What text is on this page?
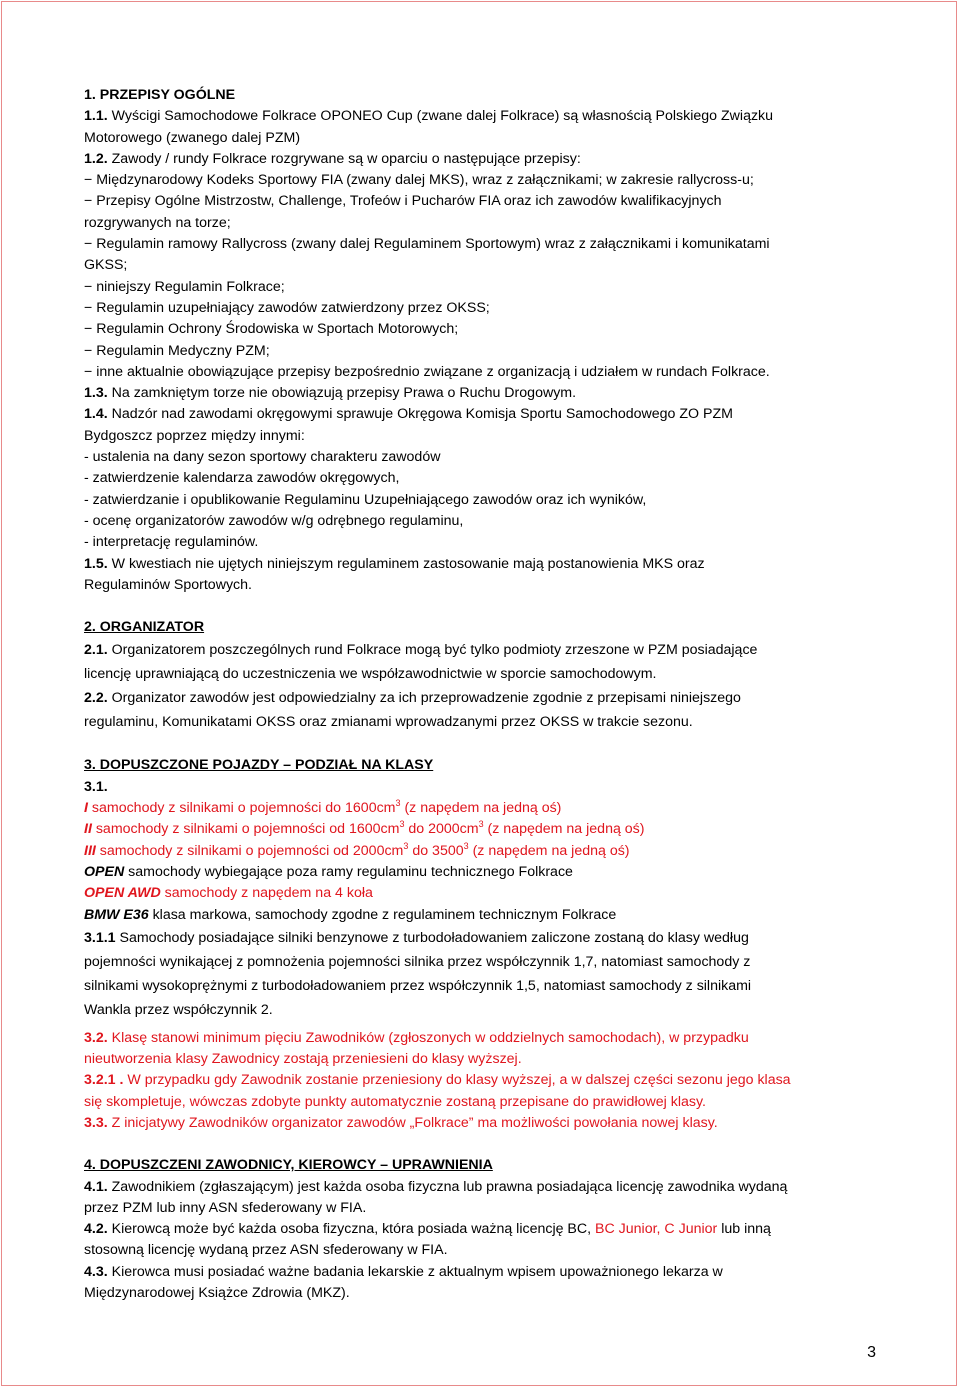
1. PRZEPISY OGÓLNE
1.1. Wyścigi Samochodowe Folkrace OPONEO Cup (zwane dalej Folkrace) są własnością Polskiego Związku
Motorowego (zwanego dalej PZM)
1.2. Zawody / rundy Folkrace rozgrywane są w oparciu o następujące przepisy:
− Międzynarodowy Kodeks Sportowy FIA (zwany dalej MKS), wraz z załącznikami; w zakresie rallycross-u;
− Przepisy Ogólne Mistrzostw, Challenge, Trofeów i Pucharów FIA oraz ich zawodów kwalifikacyjnych
rozgrywanych na torze;
− Regulamin ramowy Rallycross (zwany dalej Regulaminem Sportowym) wraz z załącznikami i komunikatami
GKSS;
− niniejszy Regulamin Folkrace;
− Regulamin uzupełniający zawodów zatwierdzony przez OKSS;
− Regulamin Ochrony Środowiska w Sportach Motorowych;
− Regulamin Medyczny PZM;
− inne aktualnie obowiązujące przepisy bezpośrednio związane z organizacją i udziałem w rundach Folkrace.
1.3. Na zamkniętym torze nie obowiązują przepisy Prawa o Ruchu Drogowym.
1.4. Nadzór nad zawodami okręgowymi sprawuje Okręgowa Komisja Sportu Samochodowego ZO PZM
Bydgoszcz poprzez między innymi:
- ustalenia na dany sezon sportowy charakteru zawodów
- zatwierdzenie kalendarza zawodów okręgowych,
- zatwierdzanie i opublikowanie Regulaminu Uzupełniającego zawodów oraz ich wyników,
- ocenę organizatorów zawodów w/g odrębnego regulaminu,
- interpretację regulaminów.
1.5. W kwestiach nie ujętych niniejszym regulaminem zastosowanie mają postanowienia MKS oraz
Regulaminów Sportowych.
2. ORGANIZATOR
2.1. Organizatorem poszczególnych rund Folkrace mogą być tylko podmioty zrzeszone w PZM posiadające
licencję uprawniającą do uczestniczenia we współzawodnictwie w sporcie samochodowym.
2.2. Organizator zawodów jest odpowiedzialny za ich przeprowadzenie zgodnie z przepisami niniejszego
regulaminu, Komunikatami OKSS oraz zmianami wprowadzanymi przez OKSS w trakcie sezonu.
3. DOPUSZCZONE POJAZDY – PODZIAŁ NA KLASY
3.1.
I samochody z silnikami o pojemności do $1600cm^3$ (z napędem na jedną oś)
II samochody z silnikami o pojemności od $1600cm^3$ do $2000cm^3$ (z napędem na jedną oś)
III samochody z silnikami o pojemności od $2000cm^3$ do 3500$^3$ (z napędem na jedną oś)
OPEN samochody wybiegające poza ramy regulaminu technicznego Folkrace
OPEN AWD samochody z napędem na 4 koła
BMW E36 klasa markowa, samochody zgodne z regulaminem technicznym Folkrace
3.1.1 Samochody posiadające silniki benzynowe z turbodoładowaniem zaliczone zostaną do klasy według
pojemności wynikającej z pomnożenia pojemności silnika przez współczynnik 1,7, natomiast samochody z
silnikami wysokoprężnymi z turbodoładowaniem przez współczynnik 1,5, natomiast samochody z silnikami
Wankla przez współczynnik 2.
3.2. Klasę stanowi minimum pięciu Zawodników (zgłoszonych w oddzielnych samochodach), w przypadku
nieutworzenia klasy Zawodnicy zostają przeniesieni do klasy wyższej.
3.2.1 . W przypadku gdy Zawodnik zostanie przeniesiony do klasy wyższej, a w dalszej części sezonu jego klasa
się skompletuje, wówczas zdobyte punkty automatycznie zostaną przepisane do prawidłowej klasy.
3.3. Z inicjatywy Zawodników organizator zawodów „Folkrace” ma możliwości powołania nowej klasy.
4. DOPUSZCZENI ZAWODNICY, KIEROWCY – UPRAWNIENIA
4.1. Zawodnikiem (zgłaszającym) jest każda osoba fizyczna lub prawna posiadająca licencję zawodnika wydaną
przez PZM lub inny ASN sfederowany w FIA.
4.2. Kierowcą może być każda osoba fizyczna, która posiada ważną licencję BC, BC Junior, C Junior lub inną
stosowną licencję wydaną przez ASN sfederowany w FIA.
4.3. Kierowca musi posiadać ważne badania lekarskie z aktualnym wpisem upoważnionego lekarza w
Międzynarodowej Książce Zdrowia (MKZ).
3
